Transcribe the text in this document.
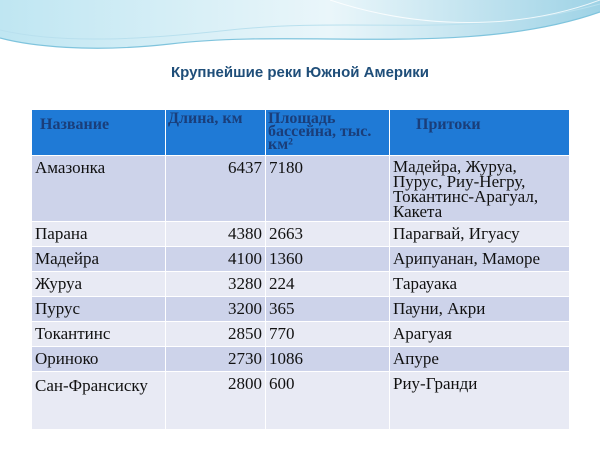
Крупнейшие реки Южной Америки
Название	Длина, км	Площадь бассейна, тыс. км²	Притоки
Амазонка	6437	7180	Мадейра, Журуа, Пурус, Риу-Негру, Токантинс-Арагуал, Какета
Парана	4380	2663	Парагвай, Игуасу
Мадейра	4100	1360	Арипуанан, Маморе
Журуа	3280	224	Тарауака
Пурус	3200	365	Пауни, Акри
Токантинс	2850	770	Арагуая
Ориноко	2730	1086	Апуре
Сан-Франсиску	2800	600	Риу-Гранди
